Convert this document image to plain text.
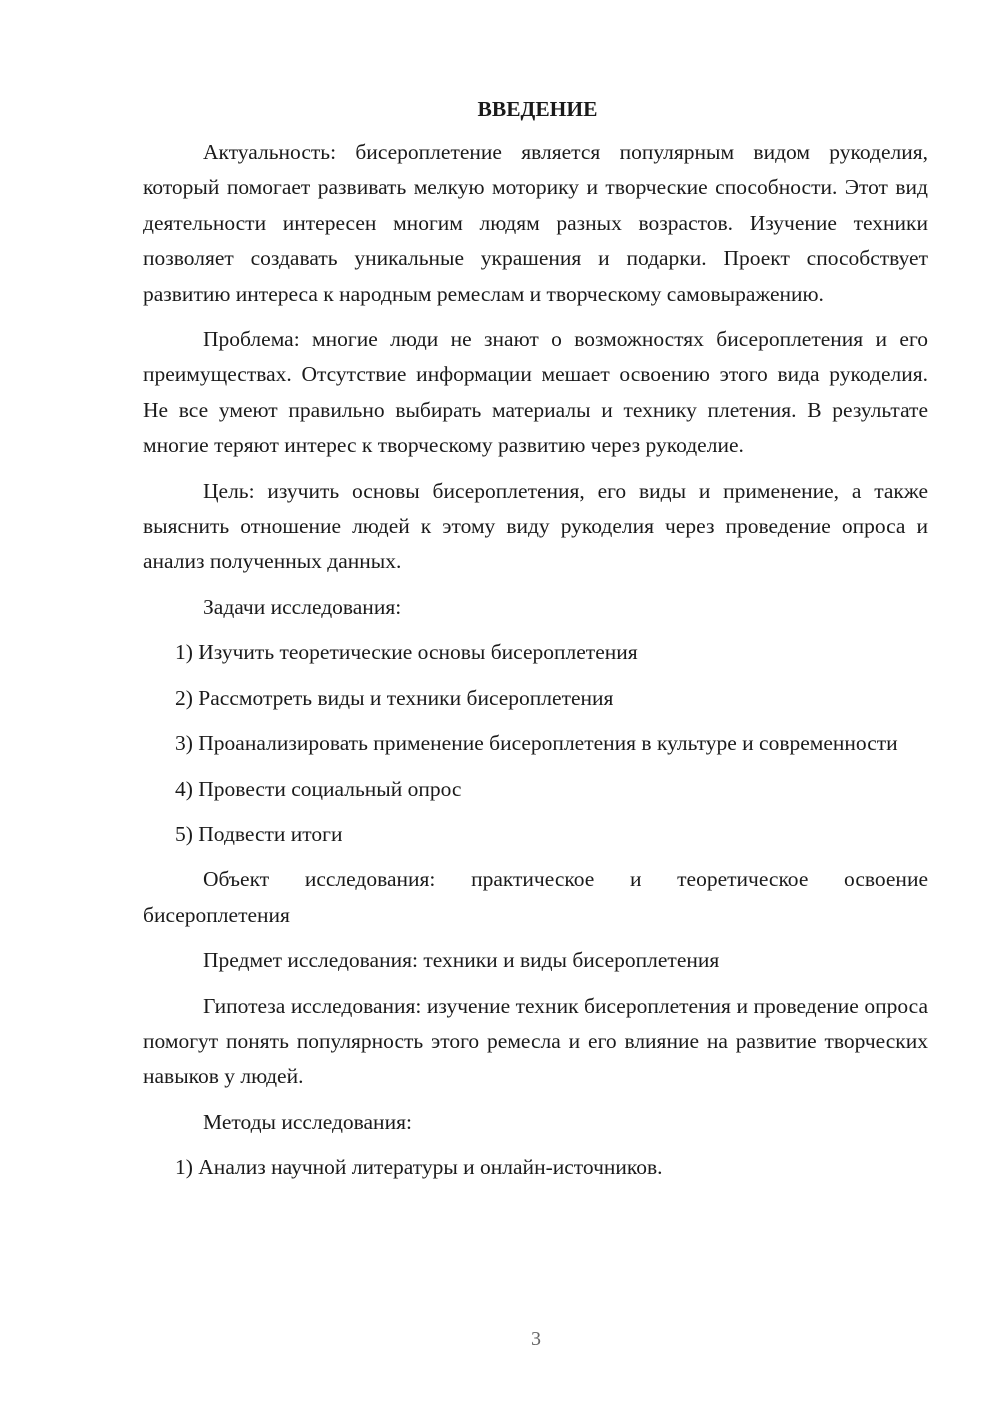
ВВЕДЕНИЕ

Актуальность: бисероплетение является популярным видом рукоделия, который помогает развивать мелкую моторику и творческие способности. Этот вид деятельности интересен многим людям разных возрастов. Изучение техники позволяет создавать уникальные украшения и подарки. Проект способствует развитию интереса к народным ремеслам и творческому самовыражению.

Проблема: многие люди не знают о возможностях бисероплетения и его преимуществах. Отсутствие информации мешает освоению этого вида рукоделия. Не все умеют правильно выбирать материалы и технику плетения. В результате многие теряют интерес к творческому развитию через рукоделие.

Цель: изучить основы бисероплетения, его виды и применение, а также выяснить отношение людей к этому виду рукоделия через проведение опроса и анализ полученных данных.

Задачи исследования:

1) Изучить теоретические основы бисероплетения

2) Рассмотреть виды и техники бисероплетения

3) Проанализировать применение бисероплетения в культуре и современности

4) Провести социальный опрос

5) Подвести итоги

Объект исследования: практическое и теоретическое освоение бисероплетения

Предмет исследования: техники и виды бисероплетения

Гипотеза исследования: изучение техник бисероплетения и проведение опроса помогут понять популярность этого ремесла и его влияние на развитие творческих навыков у людей.

Методы исследования:

1) Анализ научной литературы и онлайн-источников.

3
